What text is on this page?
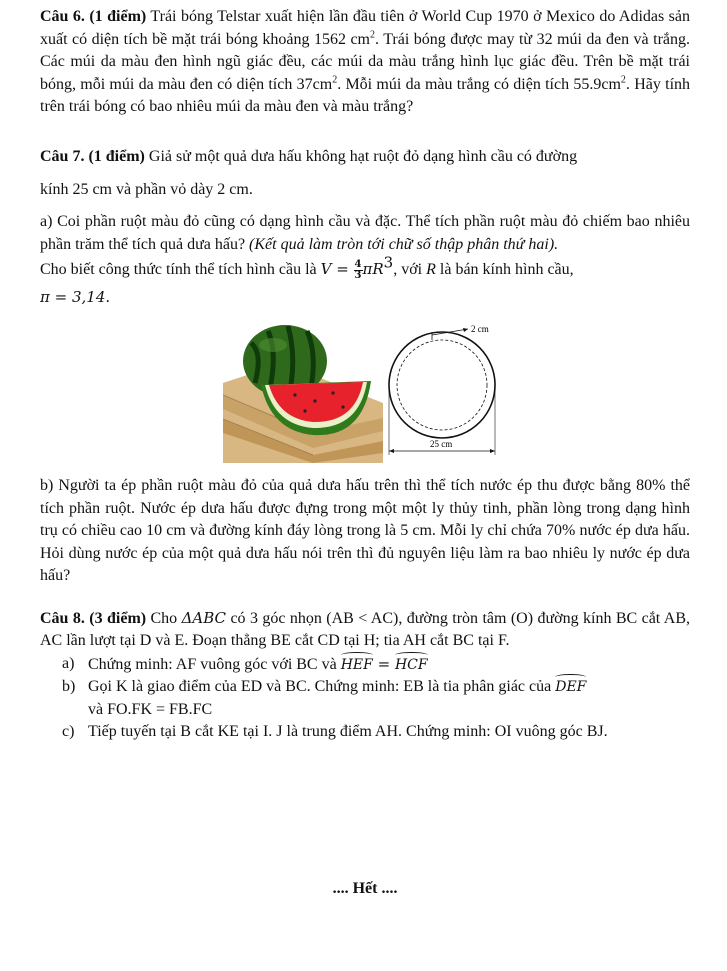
Câu 6. (1 điểm) Trái bóng Telstar xuất hiện lần đầu tiên ở World Cup 1970 ở Mexico do Adidas sản xuất có diện tích bề mặt trái bóng khoảng 1562 $cm^2$. Trái bóng được may từ 32 múi da đen và trắng. Các múi da màu đen hình ngũ giác đều, các múi da màu trắng hình lục giác đều. Trên bề mặt trái bóng, mỗi múi da màu đen có diện tích $37cm^2$. Mỗi múi da màu trắng có diện tích $55.9cm^2$. Hãy tính trên trái bóng có bao nhiêu múi da màu đen và màu trắng?

Câu 7. (1 điểm) Giả sử một quả dưa hấu không hạt ruột đỏ dạng hình cầu có đường

kính 25 cm và phần vỏ dày 2 cm.

a) Coi phần ruột màu đỏ cũng có dạng hình cầu và đặc. Thể tích phần ruột màu đỏ chiếm bao nhiêu phần trăm thể tích quả dưa hấu? (Kết quả làm tròn tới chữ số thập phân thứ hai).

Cho biết công thức tính thể tích hình cầu là $V = \frac{4}{3} \pi R^3$, với R là bán kính hình cầu,

π = 3,14.

2 cm
25 cm

b) Người ta ép phần ruột màu đỏ của quả dưa hấu trên thì thể tích nước ép thu được bằng 80% thể tích phần ruột. Nước ép dưa hấu được đựng trong một một ly thủy tinh, phần lòng trong dạng hình trụ có chiều cao 10 cm và đường kính đáy lòng trong là 5 cm. Mỗi ly chỉ chứa 70% nước ép dưa hấu. Hỏi dùng nước ép của một quả dưa hấu nói trên thì đủ nguyên liệu làm ra bao nhiêu ly nước ép dưa hấu?

Câu 8. (3 điểm) Cho ΔABC có 3 góc nhọn (AB < AC), đường tròn tâm (O) đường kính BC cắt AB, AC lần lượt tại D và E. Đoạn thẳng BE cắt CD tại H; tia AH cắt BC tại F.

a) Chứng minh: AF vuông góc với BC và HEF = HCF

b) Gọi K là giao điểm của ED và BC. Chứng minh: EB là tia phân giác của DEF
và FO.FK = FB.FC

c) Tiếp tuyến tại B cắt KE tại I. J là trung điểm AH. Chứng minh: OI vuông góc BJ.

.... Hết ....
